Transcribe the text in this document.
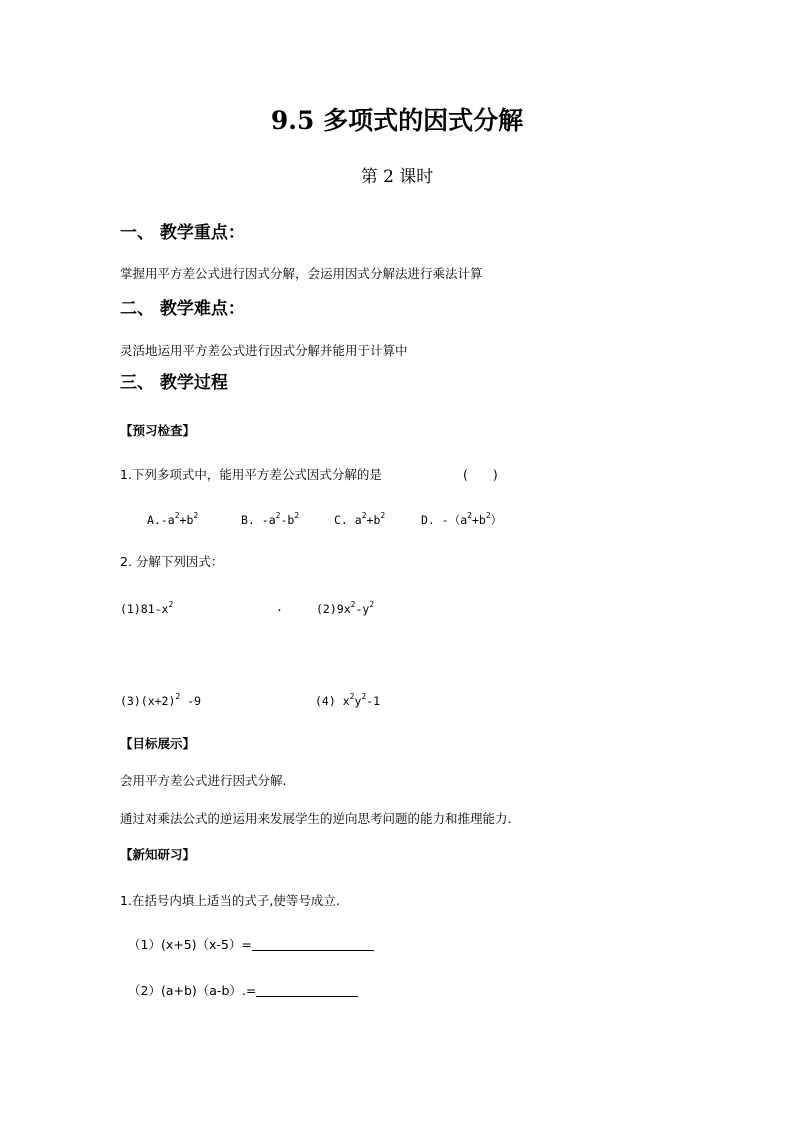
9.5 多项式的因式分解
第 2 课时
一、 教学重点：
掌握用平方差公式进行因式分解，会运用因式分解法进行乘法计算
二、 教学难点：
灵活地运用平方差公式进行因式分解并能用于计算中
三、 教学过程
【预习检查】
1.下列多项式中，能用平方差公式因式分解的是	(　　)
$A.-a^2+b^2$	B. $-a^2-b^2$	C. $a^2+b^2$	D. $-(a^2+b^2)$
2. 分解下列因式：
$(1)81-x^2$	.	$(2)9x^2-y^2$
$(3)(x+2)^2$ -9	(4) $x^2y^2-1$
【目标展示】
会用平方差公式进行因式分解.
通过对乘法公式的逆运用来发展学生的逆向思考问题的能力和推理能力.
【新知研习】
1.在括号内填上适当的式子,使等号成立.
（1）(x+5)（x-5）=
（2）(a+b)（a-b）.=
